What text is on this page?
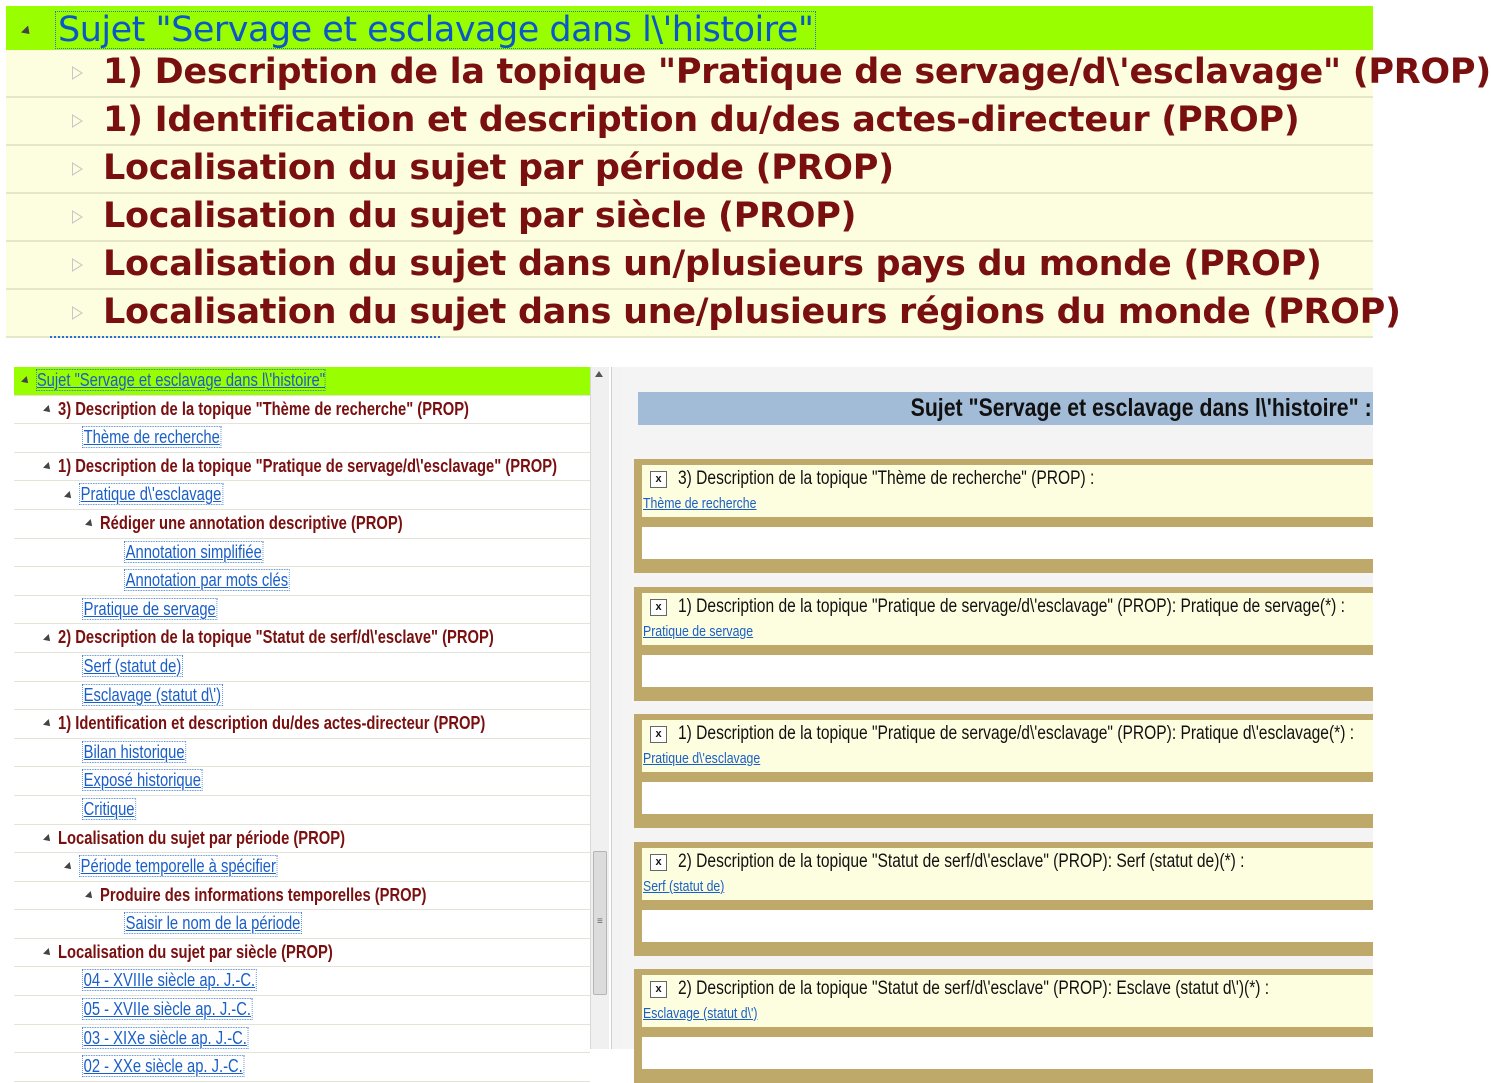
Sujet "Servage et esclavage dans l\'histoire"
1) Description de la topique "Pratique de servage/d\'esclavage" (PROP)
1) Identification et description du/des actes-directeur (PROP)
Localisation du sujet par période (PROP)
Localisation du sujet par siècle (PROP)
Localisation du sujet dans un/plusieurs pays du monde (PROP)
Localisation du sujet dans une/plusieurs régions du monde (PROP)
Sujet "Servage et esclavage dans l\'histoire"
3) Description de la topique "Thème de recherche" (PROP)
Thème de recherche
1) Description de la topique "Pratique de servage/d\'esclavage" (PROP)
Pratique d\'esclavage
Rédiger une annotation descriptive (PROP)
Annotation simplifiée
Annotation par mots clés
Pratique de servage
2) Description de la topique "Statut de serf/d\'esclave" (PROP)
Serf (statut de)
Esclavage (statut d\')
1) Identification et description du/des actes-directeur (PROP)
Bilan historique
Exposé historique
Critique
Localisation du sujet par période (PROP)
Période temporelle à spécifier
Produire des informations temporelles (PROP)
Saisir le nom de la période
Localisation du sujet par siècle (PROP)
04 - XVIIIe siècle ap. J.-C.
05 - XVIIe siècle ap. J.-C.
03 - XIXe siècle ap. J.-C.
02 - XXe siècle ap. J.-C.
≡
Sujet "Servage et esclavage dans l\'histoire" :
x 3) Description de la topique "Thème de recherche" (PROP) :
Thème de recherche
x 1) Description de la topique "Pratique de servage/d\'esclavage" (PROP): Pratique de servage(*) :
Pratique de servage
x 1) Description de la topique "Pratique de servage/d\'esclavage" (PROP): Pratique d\'esclavage(*) :
Pratique d\'esclavage
x 2) Description de la topique "Statut de serf/d\'esclave" (PROP): Serf (statut de)(*) :
Serf (statut de)
x 2) Description de la topique "Statut de serf/d\'esclave" (PROP): Esclave (statut d\')(*) :
Esclavage (statut d\')
